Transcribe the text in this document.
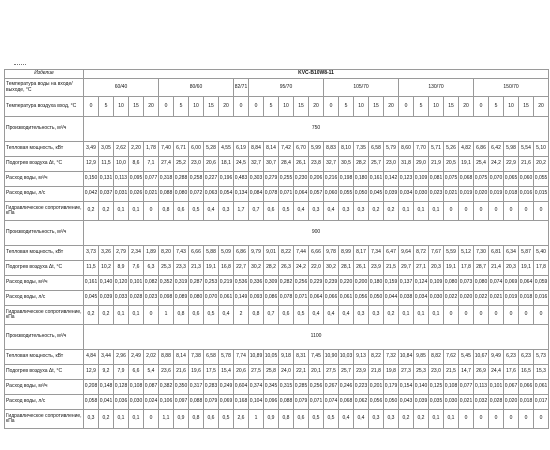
Изделие	KVC-B10W8-11																														
Температура воды на входе/выходе, °С	60/40					80/60					82/71	95/70					105/70					130/70					150/70				
Температура воздуха вход, °С	0	5	10	15	20	0	5	10	15	20	0	0	5	10	15	20	0	5	10	15	20	0	5	10	15	20	0	5	10	15	20
Производительность, м³/ч	750																														
Тепловая мощность, кВт	3,49	3,05	2,62	2,20	1,78	7,40	6,71	6,00	5,28	4,55	6,19	8,84	8,14	7,42	6,70	5,99	8,83	8,10	7,35	6,58	5,79	8,60	7,70	5,71	5,26	4,82	6,86	6,42	5,98	5,54	5,10
Подогрев воздуха Δt, °С	12,9	11,5	10,0	8,6	7,1	27,4	25,2	23,0	20,6	18,1	24,5	32,7	30,7	28,4	26,1	23,8	32,7	30,5	28,2	25,7	23,0	31,8	29,0	21,9	20,5	19,1	25,4	24,2	22,9	21,6	20,2
Расход воды, м³/ч	0,150	0,131	0,113	0,095	0,077	0,318	0,288	0,258	0,227	0,196	0,483	0,303	0,279	0,255	0,230	0,206	0,216	0,198	0,180	0,161	0,142	0,123	0,109	0,081	0,075	0,068	0,075	0,070	0,065	0,060	0,055
Расход воды, л/с	0,042	0,037	0,031	0,026	0,021	0,088	0,080	0,072	0,063	0,054	0,134	0,084	0,078	0,071	0,064	0,057	0,060	0,055	0,050	0,045	0,039	0,034	0,030	0,023	0,021	0,019	0,020	0,019	0,018	0,016	0,015
Гидравлическое сопротивление, кПа	0,2	0,2	0,1	0,1	0	0,8	0,6	0,5	0,4	0,3	1,7	0,7	0,6	0,5	0,4	0,3	0,4	0,3	0,3	0,2	0,2	0,1	0,1	0,1	0	0	0	0	0	0	0
Производительность, м³/ч	900																														
Тепловая мощность, кВт	3,73	3,26	2,79	2,34	1,89	8,20	7,43	6,66	5,88	5,09	6,86	9,79	9,01	8,22	7,44	6,66	9,78	8,99	8,17	7,34	6,47	9,64	8,72	7,67	5,59	5,12	7,30	6,81	6,34	5,87	5,40
Подогрев воздуха Δt, °С	11,5	10,2	8,9	7,6	6,3	25,3	23,3	21,3	19,1	16,8	22,7	30,2	28,2	26,3	24,2	22,0	30,2	28,1	26,1	23,9	21,5	29,7	27,1	20,3	19,1	17,8	28,7	21,4	20,3	19,1	17,8
Расход воды, м³/ч	0,161	0,140	0,120	0,101	0,082	0,352	0,319	0,287	0,253	0,219	0,536	0,336	0,309	0,282	0,256	0,229	0,239	0,220	0,200	0,180	0,159	0,137	0,124	0,109	0,080	0,073	0,080	0,074	0,069	0,064	0,059
Расход воды, л/с	0,045	0,039	0,033	0,028	0,023	0,098	0,089	0,080	0,070	0,061	0,149	0,093	0,086	0,078	0,071	0,064	0,066	0,061	0,056	0,050	0,044	0,038	0,034	0,030	0,022	0,020	0,022	0,021	0,019	0,018	0,016
Гидравлическое сопротивление, кПа	0,2	0,2	0,1	0,1	0	1	0,8	0,6	0,5	0,4	2	0,8	0,7	0,6	0,5	0,4	0,4	0,4	0,3	0,3	0,2	0,1	0,1	0,1	0	0	0	0	0	0	0
Производительность, м³/ч	1100																														
Тепловая мощность, кВт	4,84	3,44	2,96	2,49	2,02	8,88	8,14	7,38	6,58	5,78	7,74	10,89	10,05	9,18	8,31	7,45	10,90	10,03	9,13	8,22	7,32	10,84	9,85	8,82	7,62	5,45	10,67	9,49	6,23	6,23	5,73
Подогрев воздуха Δt, °С	12,9	9,2	7,9	6,6	5,4	23,6	21,6	19,6	17,5	15,4	20,6	27,5	25,8	24,0	22,1	20,1	27,5	25,7	23,9	21,8	19,8	27,3	25,3	23,0	21,5	14,7	26,9	24,4	17,6	16,5	15,3
Расход воды, м³/ч	0,208	0,148	0,128	0,108	0,087	0,382	0,350	0,317	0,283	0,249	0,604	0,374	0,345	0,315	0,285	0,256	0,267	0,246	0,223	0,201	0,179	0,154	0,140	0,125	0,108	0,077	0,113	0,101	0,067	0,066	0,061
Расход воды, л/с	0,058	0,041	0,036	0,030	0,024	0,106	0,097	0,088	0,079	0,069	0,168	0,104	0,096	0,088	0,079	0,071	0,074	0,068	0,062	0,056	0,050	0,043	0,039	0,035	0,030	0,021	0,032	0,028	0,020	0,018	0,017
Гидравлическое сопротивление, кПа	0,3	0,2	0,1	0,1	0	1,1	0,9	0,8	0,6	0,5	2,6	1	0,9	0,8	0,6	0,5	0,5	0,4	0,4	0,3	0,3	0,2	0,2	0,1	0,1	0	0	0	0	0	0
